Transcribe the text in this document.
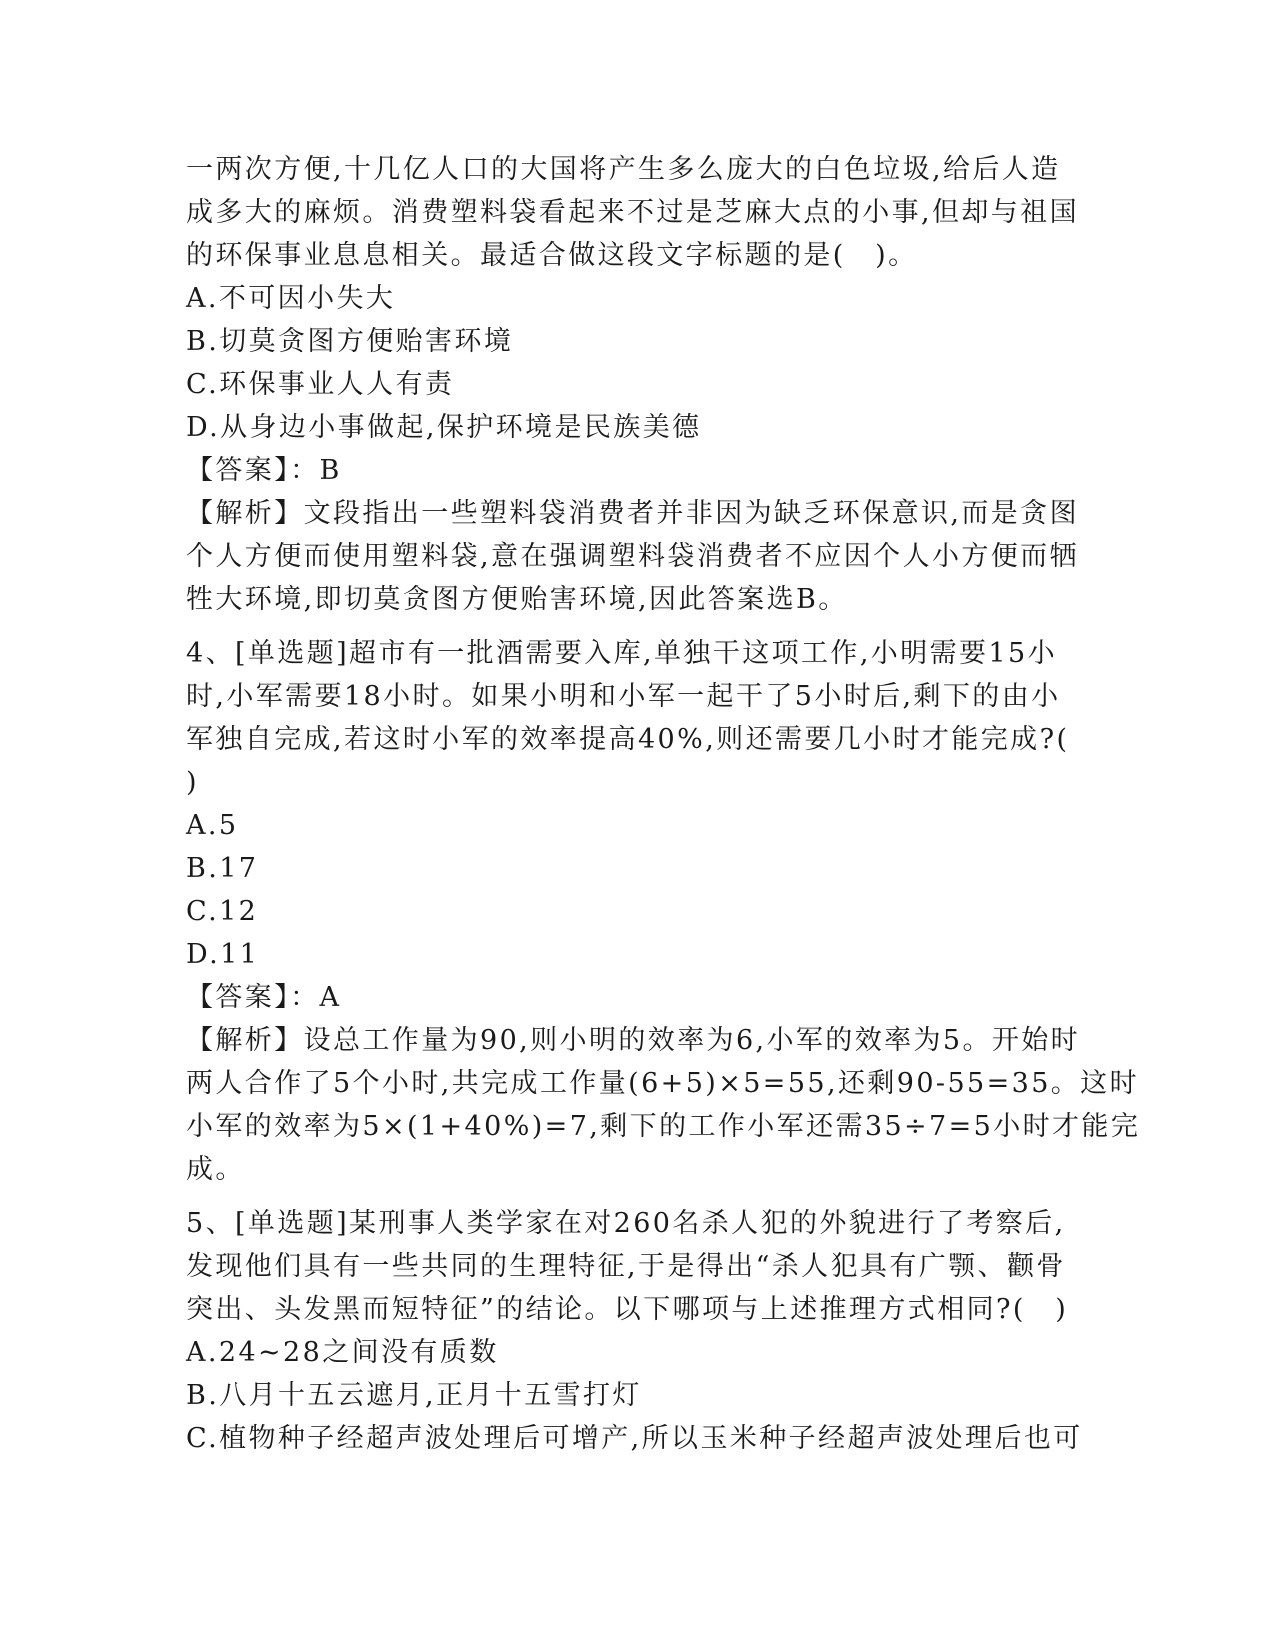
一两次方便,十几亿人口的大国将产生多么庞大的白色垃圾,给后人造
成多大的麻烦。消费塑料袋看起来不过是芝麻大点的小事,但却与祖国
的环保事业息息相关。最适合做这段文字标题的是(　)。
A.不可因小失大
B.切莫贪图方便贻害环境
C.环保事业人人有责
D.从身边小事做起,保护环境是民族美德
【答案】：B
【解析】文段指出一些塑料袋消费者并非因为缺乏环保意识,而是贪图
个人方便而使用塑料袋,意在强调塑料袋消费者不应因个人小方便而牺
牲大环境,即切莫贪图方便贻害环境,因此答案选B。
4、[单选题]超市有一批酒需要入库,单独干这项工作,小明需要15小
时,小军需要18小时。如果小明和小军一起干了5小时后,剩下的由小
军独自完成,若这时小军的效率提高40%,则还需要几小时才能完成?(
)
A.5
B.17
C.12
D.11
【答案】：A
【解析】设总工作量为90,则小明的效率为6,小军的效率为5。开始时
两人合作了5个小时,共完成工作量(6+5)×5=55,还剩90-55=35。这时
小军的效率为5×(1+40%)=7,剩下的工作小军还需35÷7=5小时才能完
成。
5、[单选题]某刑事人类学家在对260名杀人犯的外貌进行了考察后,
发现他们具有一些共同的生理特征,于是得出“杀人犯具有广颚、颧骨
突出、头发黑而短特征”的结论。以下哪项与上述推理方式相同?(　)
A.24~28之间没有质数
B.八月十五云遮月,正月十五雪打灯
C.植物种子经超声波处理后可增产,所以玉米种子经超声波处理后也可
